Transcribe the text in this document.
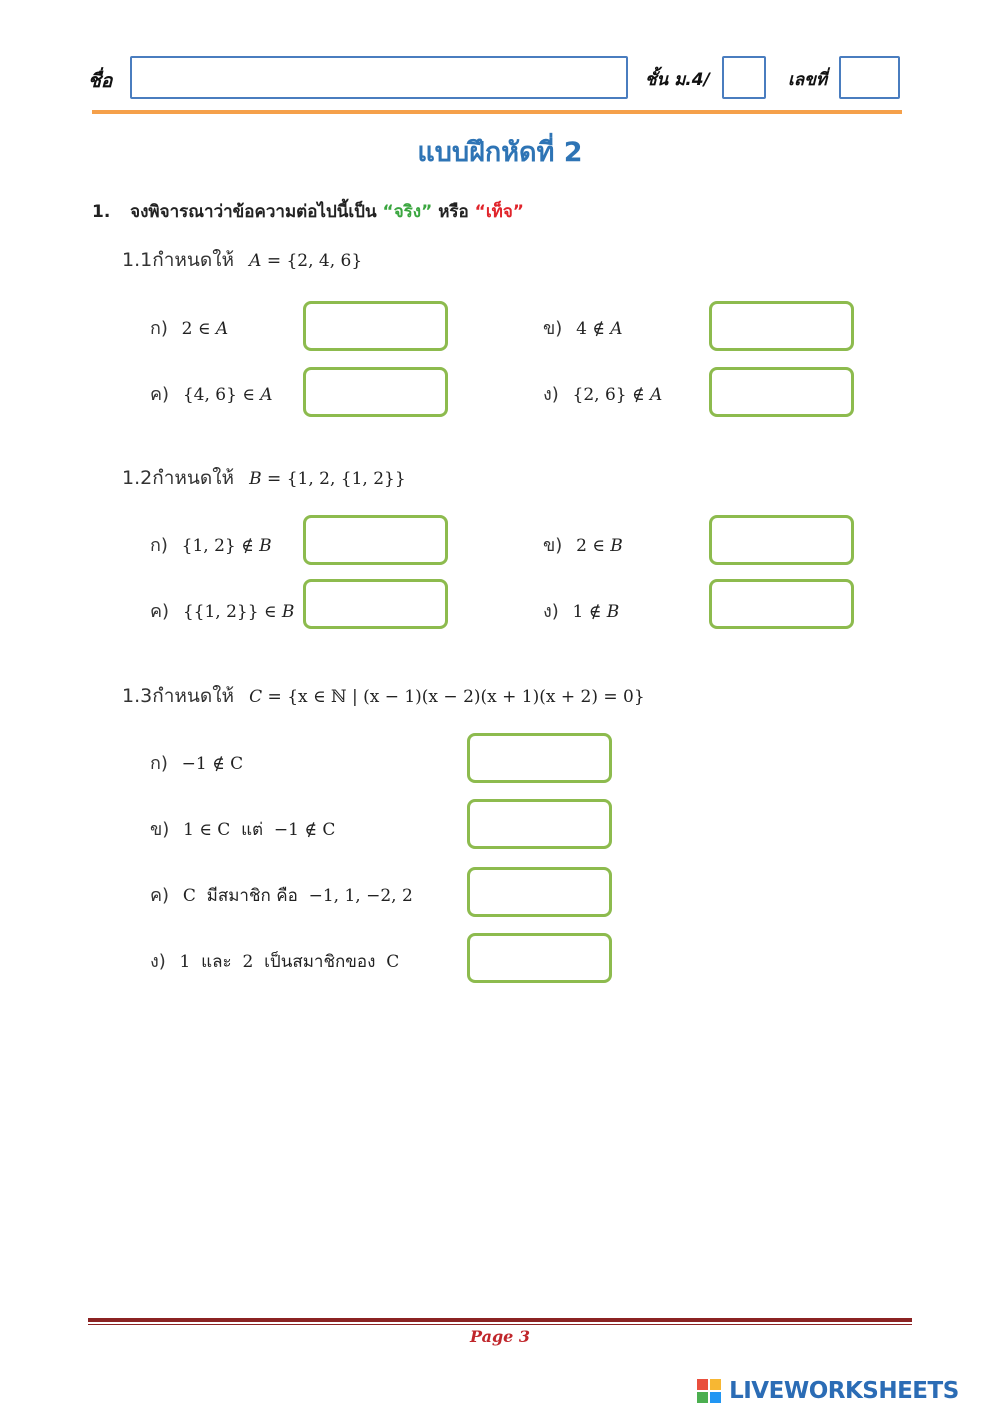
ชื่อ	ชั้น ม.4/	เลขที่
แบบฝึกหัดที่ 2
1. จงพิจารณาว่าข้อความต่อไปนี้เป็น “จริง” หรือ “เท็จ”
1.1กำหนดให้ A = {2, 4, 6}
ก) 2 ∈ A	ข) 4 ∉ A
ค) {4, 6} ∈ A	ง) {2, 6} ∉ A
1.2กำหนดให้ B = {1, 2, {1, 2}}
ก) {1, 2} ∉ B	ข) 2 ∈ B
ค) {{1, 2}} ∈ B	ง) 1 ∉ B
1.3กำหนดให้ C = {x ∈ ℕ | (x − 1)(x − 2)(x + 1)(x + 2) = 0}
ก) −1 ∉ C
ข) 1 ∈ C  แต่  −1 ∉ C
ค) C  มีสมาชิก คือ  −1, 1, −2, 2
ง) 1  และ  2  เป็นสมาชิกของ  C
Page 3
LIVEWORKSHEETS
